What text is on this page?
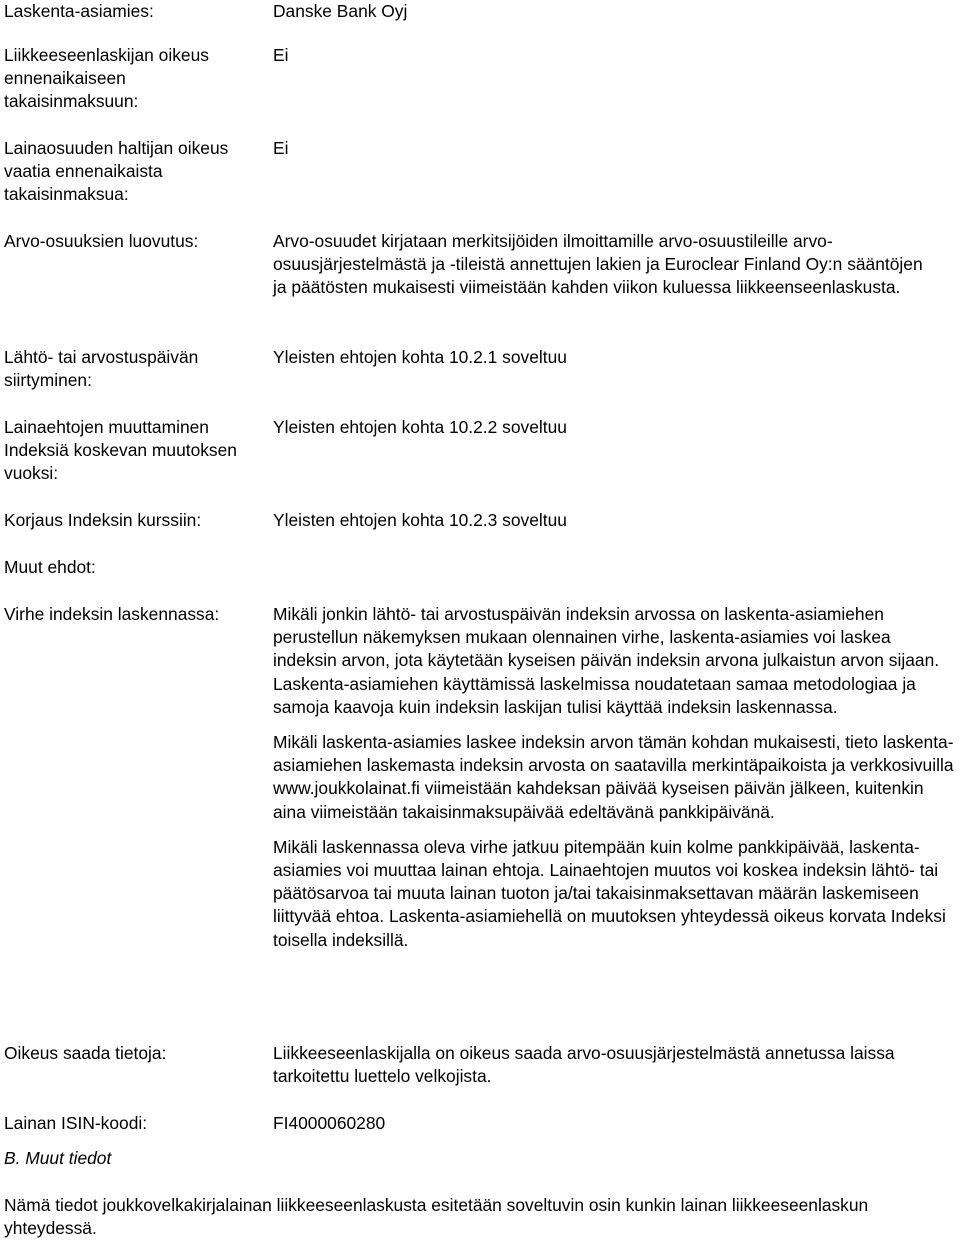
Laskenta-asiamies:	Danske Bank Oyj

Liikkeeseenlaskijan oikeus ennenaikaiseen takaisinmaksuun:

Ei

Lainaosuuden haltijan oikeus vaatia ennenaikaista takaisinmaksua:

Ei

Arvo-osuuksien luovutus:	Arvo-osuudet kirjataan merkitsijöiden ilmoittamille arvo-osuustileille arvo-osuusjärjestelmästä ja -tileistä annettujen lakien ja Euroclear Finland Oy:n sääntöjen ja päätösten mukaisesti viimeistään kahden viikon kuluessa liikkeenseenlaskusta.

Lähtö- tai arvostuspäivän siirtyminen:

Yleisten ehtojen kohta 10.2.1 soveltuu

Lainaehtojen muuttaminen Indeksiä koskevan muutoksen vuoksi:

Yleisten ehtojen kohta 10.2.2 soveltuu

Korjaus Indeksin kurssiin:	Yleisten ehtojen kohta 10.2.3 soveltuu

Muut ehdot:

Virhe indeksin laskennassa:	Mikäli jonkin lähtö- tai arvostuspäivän indeksin arvossa on laskenta-asiamiehen perustellun näkemyksen mukaan olennainen virhe, laskenta-asiamies voi laskea indeksin arvon, jota käytetään kyseisen päivän indeksin arvona julkaistun arvon sijaan. Laskenta-asiamiehen käyttämissä laskelmissa noudatetaan samaa metodologiaa ja samoja kaavoja kuin indeksin laskijan tulisi käyttää indeksin laskennassa.

Mikäli laskenta-asiamies laskee indeksin arvon tämän kohdan mukaisesti, tieto laskenta-asiamiehen laskemasta indeksin arvosta on saatavilla merkintäpaikoista ja verkkosivuilla www.joukkolainat.fi viimeistään kahdeksan päivää kyseisen päivän jälkeen, kuitenkin aina viimeistään takaisinmaksupäivää edeltävänä pankkipäivänä.

Mikäli laskennassa oleva virhe jatkuu pitempään kuin kolme pankkipäivää, laskenta-asiamies voi muuttaa lainan ehtoja. Lainaehtojen muutos voi koskea indeksin lähtö- tai päätösarvoa tai muuta lainan tuoton ja/tai takaisinmaksettavan määrän laskemiseen liittyvää ehtoa. Laskenta-asiamiehellä on muutoksen yhteydessä oikeus korvata Indeksi toisella indeksillä.

Oikeus saada tietoja:	Liikkeeseenlaskijalla on oikeus saada arvo-osuusjärjestelmästä annetussa laissa tarkoitettu luettelo velkojista.

Lainan ISIN-koodi:	FI4000060280

B. Muut tiedot

Nämä tiedot joukkovelkakirjalainan liikkeeseenlaskusta esitetään soveltuvin osin kunkin lainan liikkeeseenlaskun yhteydessä.
